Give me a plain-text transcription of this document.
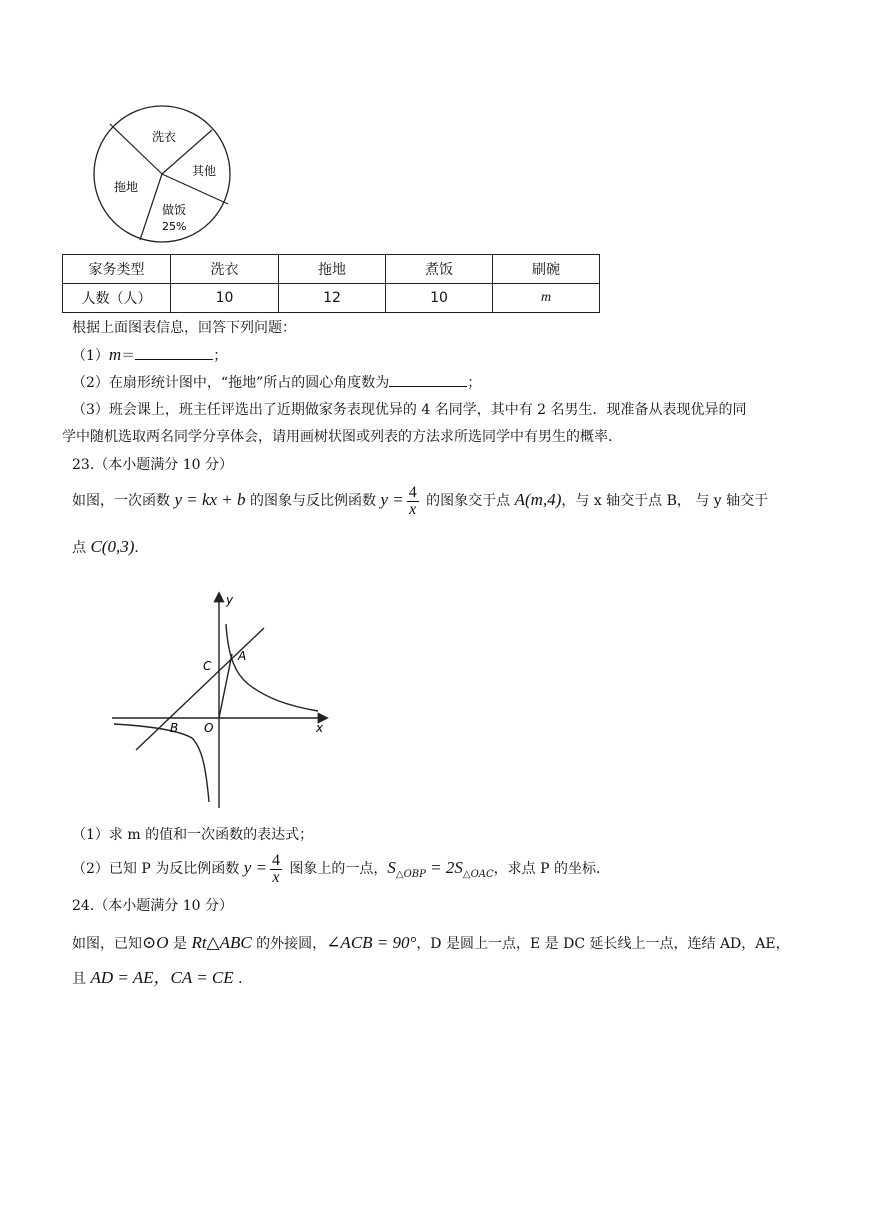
洗衣
其他
做饭
25%
拖地
家务类型	洗衣	拖地	煮饭	刷碗
人数（人）	10	12	10	m
根据上面图表信息，回答下列问题：
（1）m＝	；
（2）在扇形统计图中，“拖地”所占的圆心角度数为	；
（3）班会课上，班主任评选出了近期做家务表现优异的 4 名同学，其中有 2 名男生．现准备从表现优异的同
学中随机选取两名同学分享体会，请用画树状图或列表的方法求所选同学中有男生的概率．
23.（本小题满分 10 分）
如图，一次函数 y = kx + b 的图象与反比例函数 $y = \frac{4}{x}$ 的图象交于点 A(m,4)，与 x 轴交于点 B， 与 y 轴交于
点 C(0,3)．
y
x
C
A
B O
（1）求 m 的值和一次函数的表达式；
（2）已知 P 为反比例函数 $y = \frac{4}{x}$ 图象上的一点，$S_{\triangle OBP} = 2S_{\triangle OAC}$，求点 P 的坐标．
24.（本小题满分 10 分）
如图，已知⊙O 是 Rt△ABC 的外接圆，∠ACB = 90°，D 是圆上一点，E 是 DC 延长线上一点，连结 AD，AE，
且 AD = AE，CA = CE ．
